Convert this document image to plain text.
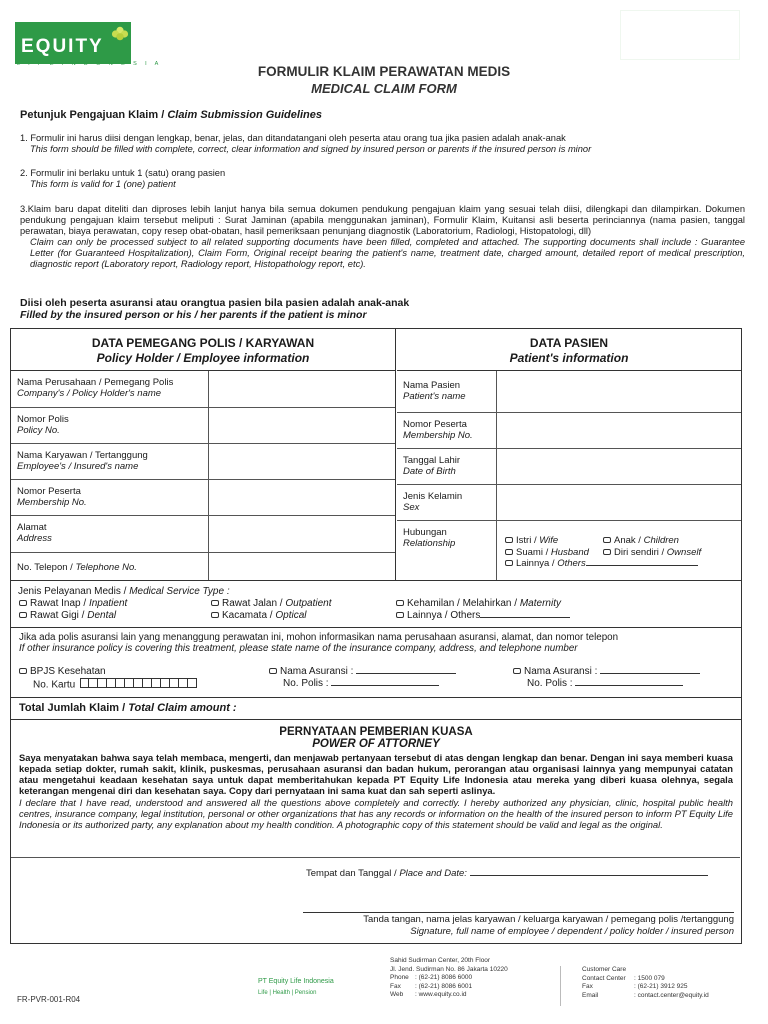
EQUITY
L I F E I N D O N E S I A	FORMULIR KLAIM PERAWATAN MEDIS
MEDICAL CLAIM FORM
Petunjuk Pengajuan Klaim / Claim Submission Guidelines

1. Formulir ini harus diisi dengan lengkap, benar, jelas, dan ditandatangani oleh peserta atau orang tua jika pasien adalah anak-anak

This form should be filled with complete, correct, clear information and signed by insured person or parents if the insured person is minor

2. Formulir ini berlaku untuk 1 (satu) orang pasien

This form is valid for 1 (one) patient

3.Klaim baru dapat diteliti dan diproses lebih lanjut hanya bila semua dokumen pendukung pengajuan klaim yang sesuai telah diisi, dilengkapi dan dilampirkan. Dokumen pendukung pengajuan klaim tersebut meliputi : Surat Jaminan (apabila menggunakan jaminan), Formulir Klaim, Kuitansi asli beserta perinciannya (nama pasien, tanggal perawatan, biaya perawatan, copy resep obat-obatan, hasil pemeriksaan penunjang diagnostik (Laboratorium, Radiologi, Histopatologi, dll)

Claim can only be processed subject to all related supporting documents have been filled, completed and attached. The supporting documents shall include : Guarantee Letter (for Guaranteed Hospitalization), Claim Form, Original receipt bearing the patient's name, treatment date, charged amount, detailed report of medical prescription, diagnostic report (Laboratory report, Radiology report, Histopathology report, etc).

Diisi oleh peserta asuransi atau orangtua pasien bila pasien adalah anak-anak
Filled by the insured person or his / her parents if the patient is minor
DATA PEMEGANG POLIS / KARYAWAN
Policy Holder / Employee information
Nama Perusahaan / Pemegang Polis
Company's / Policy Holder's name
Nomor Polis
Policy No.
Nama Karyawan / Tertanggung
Employee's / Insured's name
Nomor Peserta
Membership No.
Alamat
Address
No. Telepon / Telephone No.
DATA PASIEN
Patient's information
Nama Pasien
Patient's name
Nomor Peserta
Membership No.
Tanggal Lahir
Date of Birth
Jenis Kelamin
Sex
Hubungan
Relationship	Istri / Wife	Anak / Children
Suami / Husband	Diri sendiri / Ownself
Lainnya / Others
Jenis Pelayanan Medis / Medical Service Type :
Rawat Inap / Inpatient	Rawat Jalan / Outpatient	Kehamilan / Melahirkan / Maternity
Rawat Gigi / Dental	Kacamata / Optical	Lainnya / Others
Jika ada polis asuransi lain yang menanggung perawatan ini, mohon informasikan nama perusahaan asuransi, alamat, dan nomor telepon
If other insurance policy is covering this treatment, please state name of the insurance company, address, and telephone number
BPJS Kesehatan
No. Kartu
Nama Asuransi :
No. Polis :
Nama Asuransi :
No. Polis :
Total Jumlah Klaim / Total Claim amount :
PERNYATAAN PEMBERIAN KUASA
POWER OF ATTORNEY
Saya menyatakan bahwa saya telah membaca, mengerti, dan menjawab pertanyaan tersebut di atas dengan lengkap dan benar. Dengan ini saya memberi kuasa kepada setiap dokter, rumah sakit, klinik, puskesmas, perusahaan asuransi dan badan hukum, perorangan atau organisasi lainnya yang mempunyai catatan atau mengetahui keadaan kesehatan saya untuk dapat memberitahukan kepada PT Equity Life Indonesia atau mereka yang diberi kuasa olehnya, segala keterangan mengenai diri dan kesehatan saya. Copy dari pernyataan ini sama kuat dan sah seperti aslinya.
I declare that I have read, understood and answered all the questions above completely and correctly. I hereby authorized any physician, clinic, hospital public health centres, insurance company, legal institution, personal or other organizations that has any records or information on the health of the insured person to inform PT Equity Life Indonesia or its authorized party, any explanation about my health condition. A photographic copy of this statement should be valid and legal as the original.
Tempat dan Tanggal / Place and Date:
Tanda tangan, nama jelas karyawan / keluarga karyawan / pemegang polis /tertanggung
Signature, full name of employee / dependent / policy holder / insured person
FR-PVR-001-R04
PT Equity Life Indonesia
Life | Health | Pension
Sahid Sudirman Center, 20th Floor
Jl. Jend. Sudirman No. 86 Jakarta 10220
Phone : (62-21) 8086 6000
Fax : (62-21) 8086 6001
Web : www.equity.co.id
Customer Care
Contact Center : 1500 079
Fax	: (62-21) 3912 925
Email	: contact.center@equity.id
